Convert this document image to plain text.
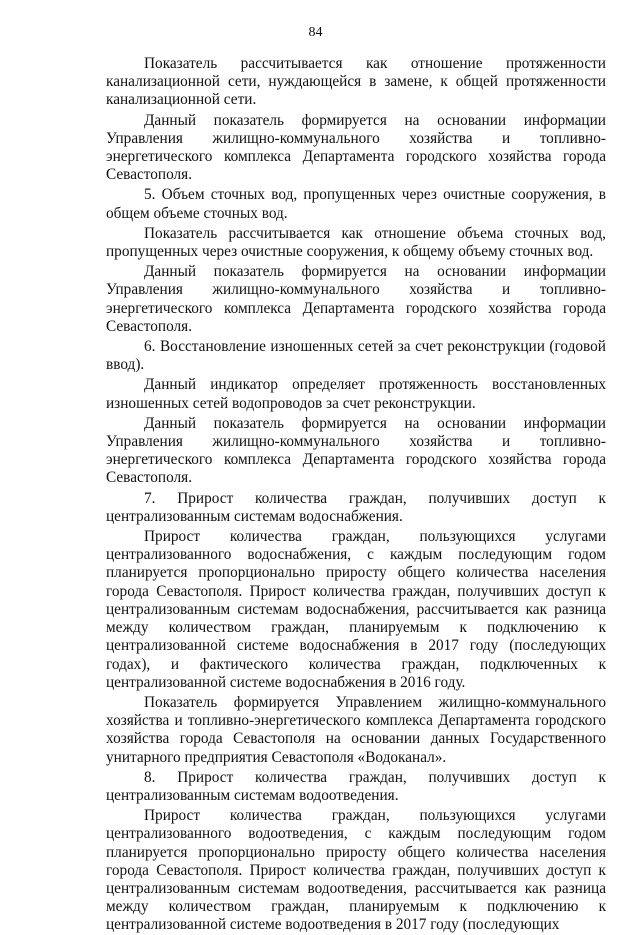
84

Показатель рассчитывается как отношение протяженности канализационной сети, нуждающейся в замене, к общей протяженности канализационной сети.

Данный показатель формируется на основании информации Управления жилищно-коммунального хозяйства и топливно-энергетического комплекса Департамента городского хозяйства города Севастополя.

5. Объем сточных вод, пропущенных через очистные сооружения, в общем объеме сточных вод.

Показатель рассчитывается как отношение объема сточных вод, пропущенных через очистные сооружения, к общему объему сточных вод.

Данный показатель формируется на основании информации Управления жилищно-коммунального хозяйства и топливно-энергетического комплекса Департамента городского хозяйства города Севастополя.

6. Восстановление изношенных сетей за счет реконструкции (годовой ввод).

Данный индикатор определяет протяженность восстановленных изношенных сетей водопроводов за счет реконструкции.

Данный показатель формируется на основании информации Управления жилищно-коммунального хозяйства и топливно-энергетического комплекса Департамента городского хозяйства города Севастополя.

7. Прирост количества граждан, получивших доступ к централизованным системам водоснабжения.

Прирост количества граждан, пользующихся услугами централизованного водоснабжения, с каждым последующим годом планируется пропорционально приросту общего количества населения города Севастополя. Прирост количества граждан, получивших доступ к централизованным системам водоснабжения, рассчитывается как разница между количеством граждан, планируемым к подключению к централизованной системе водоснабжения в 2017 году (последующих годах), и фактического количества граждан, подключенных к централизованной системе водоснабжения в 2016 году.

Показатель формируется Управлением жилищно-коммунального хозяйства и топливно-энергетического комплекса Департамента городского хозяйства города Севастополя на основании данных Государственного унитарного предприятия Севастополя «Водоканал».

8. Прирост количества граждан, получивших доступ к централизованным системам водоотведения.

Прирост количества граждан, пользующихся услугами централизованного водоотведения, с каждым последующим годом планируется пропорционально приросту общего количества населения города Севастополя. Прирост количества граждан, получивших доступ к централизованным системам водоотведения, рассчитывается как разница между количеством граждан, планируемым к подключению к централизованной системе водоотведения в 2017 году (последующих
